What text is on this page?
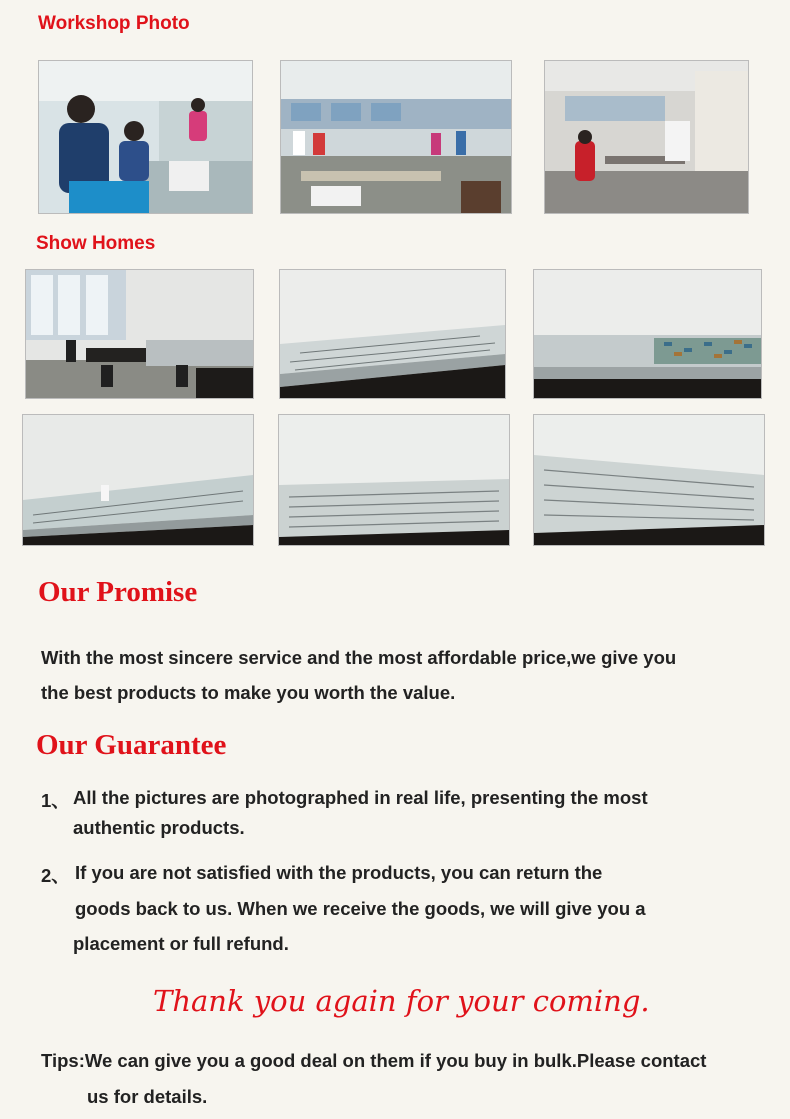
Workshop Photo
Show Homes
Our Promise
With the most sincere service and the most affordable price,we give you
the best products to make you worth the value.
Our Guarantee
1、 All the pictures are photographed in real life, presenting the most
authentic products.
2、 If you are not satisfied with the products, you can return the
goods back to us. When we receive the goods, we will give you a
placement or full refund.
Thank you again for your coming.
Tips:We can give you a good deal on them if you buy in bulk.Please contact
us for details.
